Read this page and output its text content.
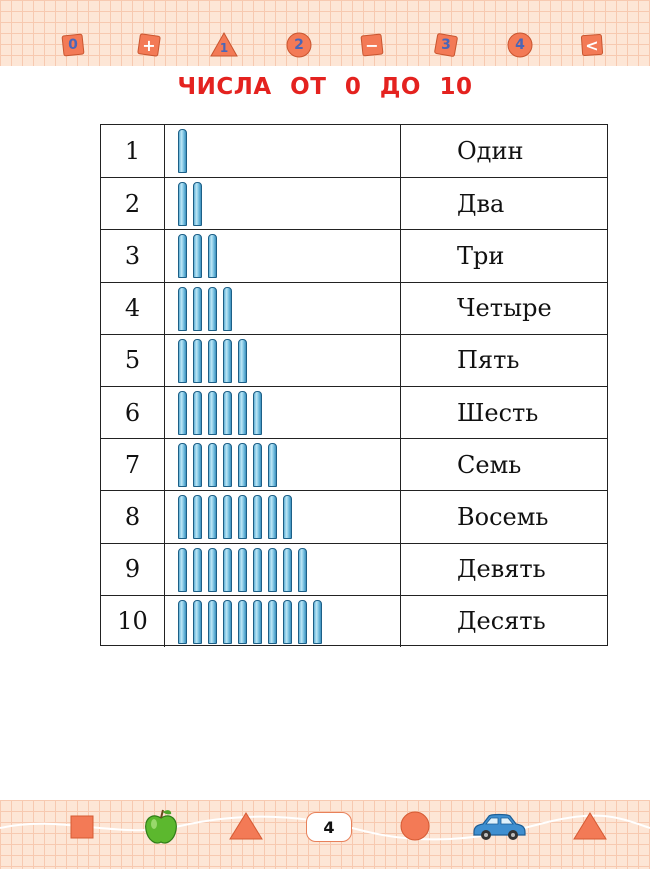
0	+	1	2	−	3	4	<
ЧИСЛА ОТ 0 ДО 10
1	Один
2	Два
3	Три
4	Четыре
5	Пять
6	Шесть
7	Семь
8	Восемь
9	Девять
10	Десять
4
